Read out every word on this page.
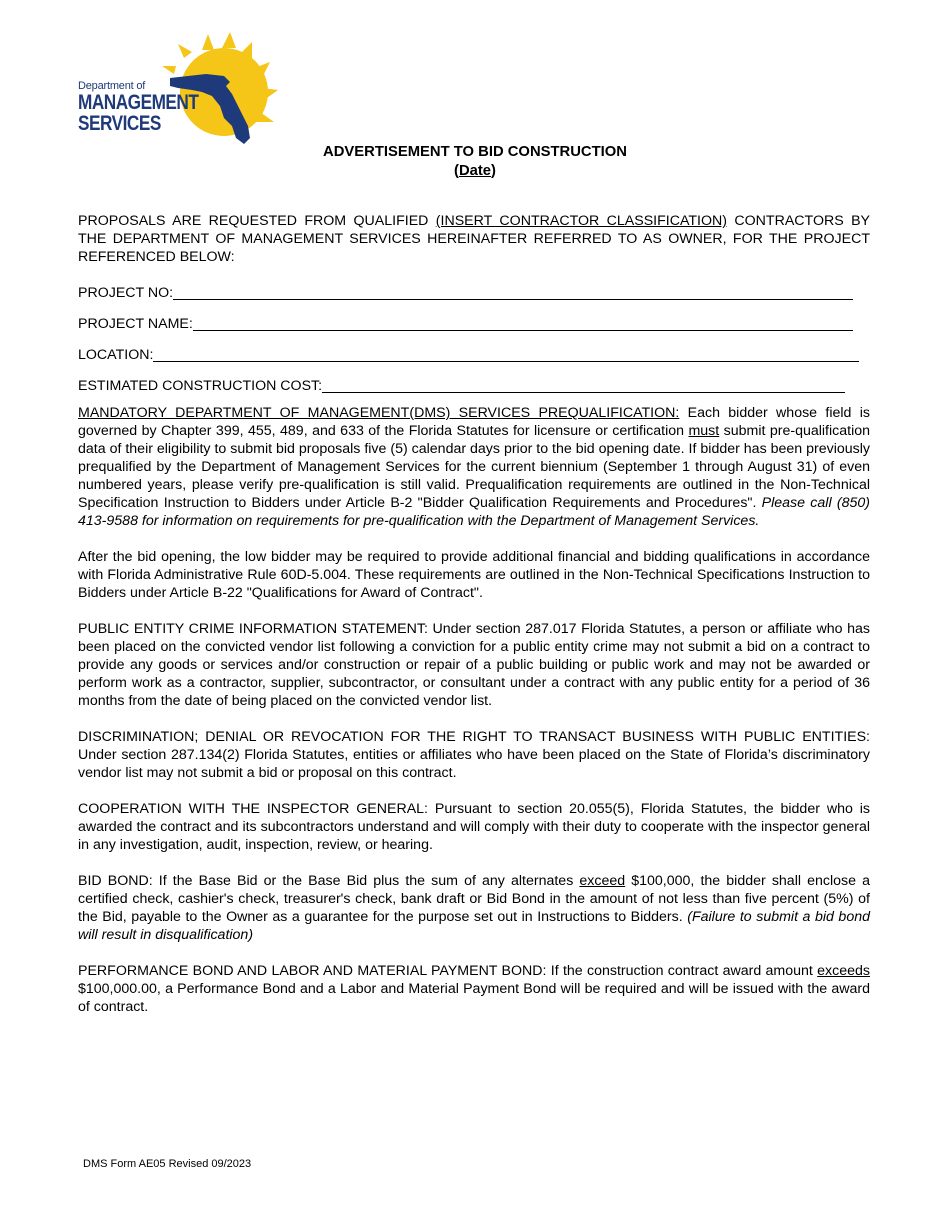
Department of
MANAGEMENT
SERVICES
ADVERTISEMENT TO BID CONSTRUCTION
(Date)

PROPOSALS ARE REQUESTED FROM QUALIFIED (INSERT CONTRACTOR CLASSIFICATION) CONTRACTORS BY THE DEPARTMENT OF MANAGEMENT SERVICES HEREINAFTER REFERRED TO AS OWNER, FOR THE PROJECT REFERENCED BELOW:

PROJECT NO:
PROJECT NAME:
LOCATION:
ESTIMATED CONSTRUCTION COST:

MANDATORY DEPARTMENT OF MANAGEMENT(DMS) SERVICES PREQUALIFICATION: Each bidder whose field is governed by Chapter 399, 455, 489, and 633 of the Florida Statutes for licensure or certification must submit pre-qualification data of their eligibility to submit bid proposals five (5) calendar days prior to the bid opening date. If bidder has been previously prequalified by the Department of Management Services for the current biennium (September 1 through August 31) of even numbered years, please verify pre-qualification is still valid. Prequalification requirements are outlined in the Non-Technical Specification Instruction to Bidders under Article B-2 "Bidder Qualification Requirements and Procedures". Please call (850) 413-9588 for information on requirements for pre-qualification with the Department of Management Services.

After the bid opening, the low bidder may be required to provide additional financial and bidding qualifications in accordance with Florida Administrative Rule 60D-5.004. These requirements are outlined in the Non-Technical Specifications Instruction to Bidders under Article B-22 "Qualifications for Award of Contract".

PUBLIC ENTITY CRIME INFORMATION STATEMENT: Under section 287.017 Florida Statutes, a person or affiliate who has been placed on the convicted vendor list following a conviction for a public entity crime may not submit a bid on a contract to provide any goods or services and/or construction or repair of a public building or public work and may not be awarded or perform work as a contractor, supplier, subcontractor, or consultant under a contract with any public entity for a period of 36 months from the date of being placed on the convicted vendor list.

DISCRIMINATION; DENIAL OR REVOCATION FOR THE RIGHT TO TRANSACT BUSINESS WITH PUBLIC ENTITIES: Under section 287.134(2) Florida Statutes, entities or affiliates who have been placed on the State of Florida’s discriminatory vendor list may not submit a bid or proposal on this contract.

COOPERATION WITH THE INSPECTOR GENERAL: Pursuant to section 20.055(5), Florida Statutes, the bidder who is awarded the contract and its subcontractors understand and will comply with their duty to cooperate with the inspector general in any investigation, audit, inspection, review, or hearing.

BID BOND: If the Base Bid or the Base Bid plus the sum of any alternates exceed $100,000, the bidder shall enclose a certified check, cashier's check, treasurer's check, bank draft or Bid Bond in the amount of not less than five percent (5%) of the Bid, payable to the Owner as a guarantee for the purpose set out in Instructions to Bidders. (Failure to submit a bid bond will result in disqualification)

PERFORMANCE BOND AND LABOR AND MATERIAL PAYMENT BOND: If the construction contract award amount exceeds $100,000.00, a Performance Bond and a Labor and Material Payment Bond will be required and will be issued with the award of contract.

DMS Form AE05 Revised 09/2023
